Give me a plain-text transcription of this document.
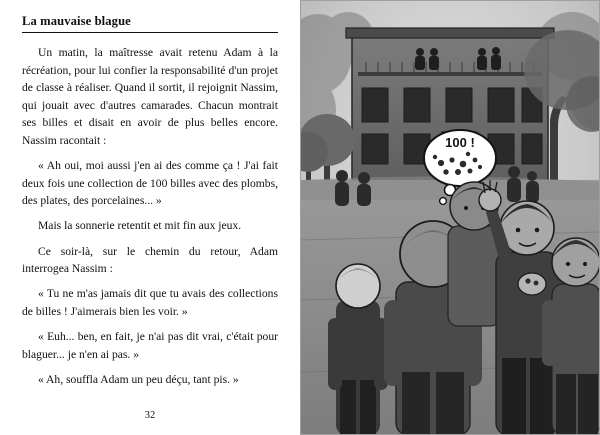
La mauvaise blague

Un matin, la maîtresse avait retenu Adam à la récréation, pour lui confier la responsabilité d'un projet de classe à réaliser. Quand il sortit, il rejoignit Nassim, qui jouait avec d'autres camarades. Chacun montrait ses billes et disait en avoir de plus belles encore. Nassim racontait :

« Ah oui, moi aussi j'en ai des comme ça ! J'ai fait deux fois une collection de 100 billes avec des plombs, des plates, des porcelaines... »

Mais la sonnerie retentit et mit fin aux jeux.

Ce soir-là, sur le chemin du retour, Adam interrogea Nassim :

« Tu ne m'as jamais dit que tu avais des collections de billes ! J'aimerais bien les voir. »

« Euh... ben, en fait, je n'ai pas dit vrai, c'était pour blaguer... je n'en ai pas. »

« Ah, souffla Adam un peu déçu, tant pis. »

32
100 !
